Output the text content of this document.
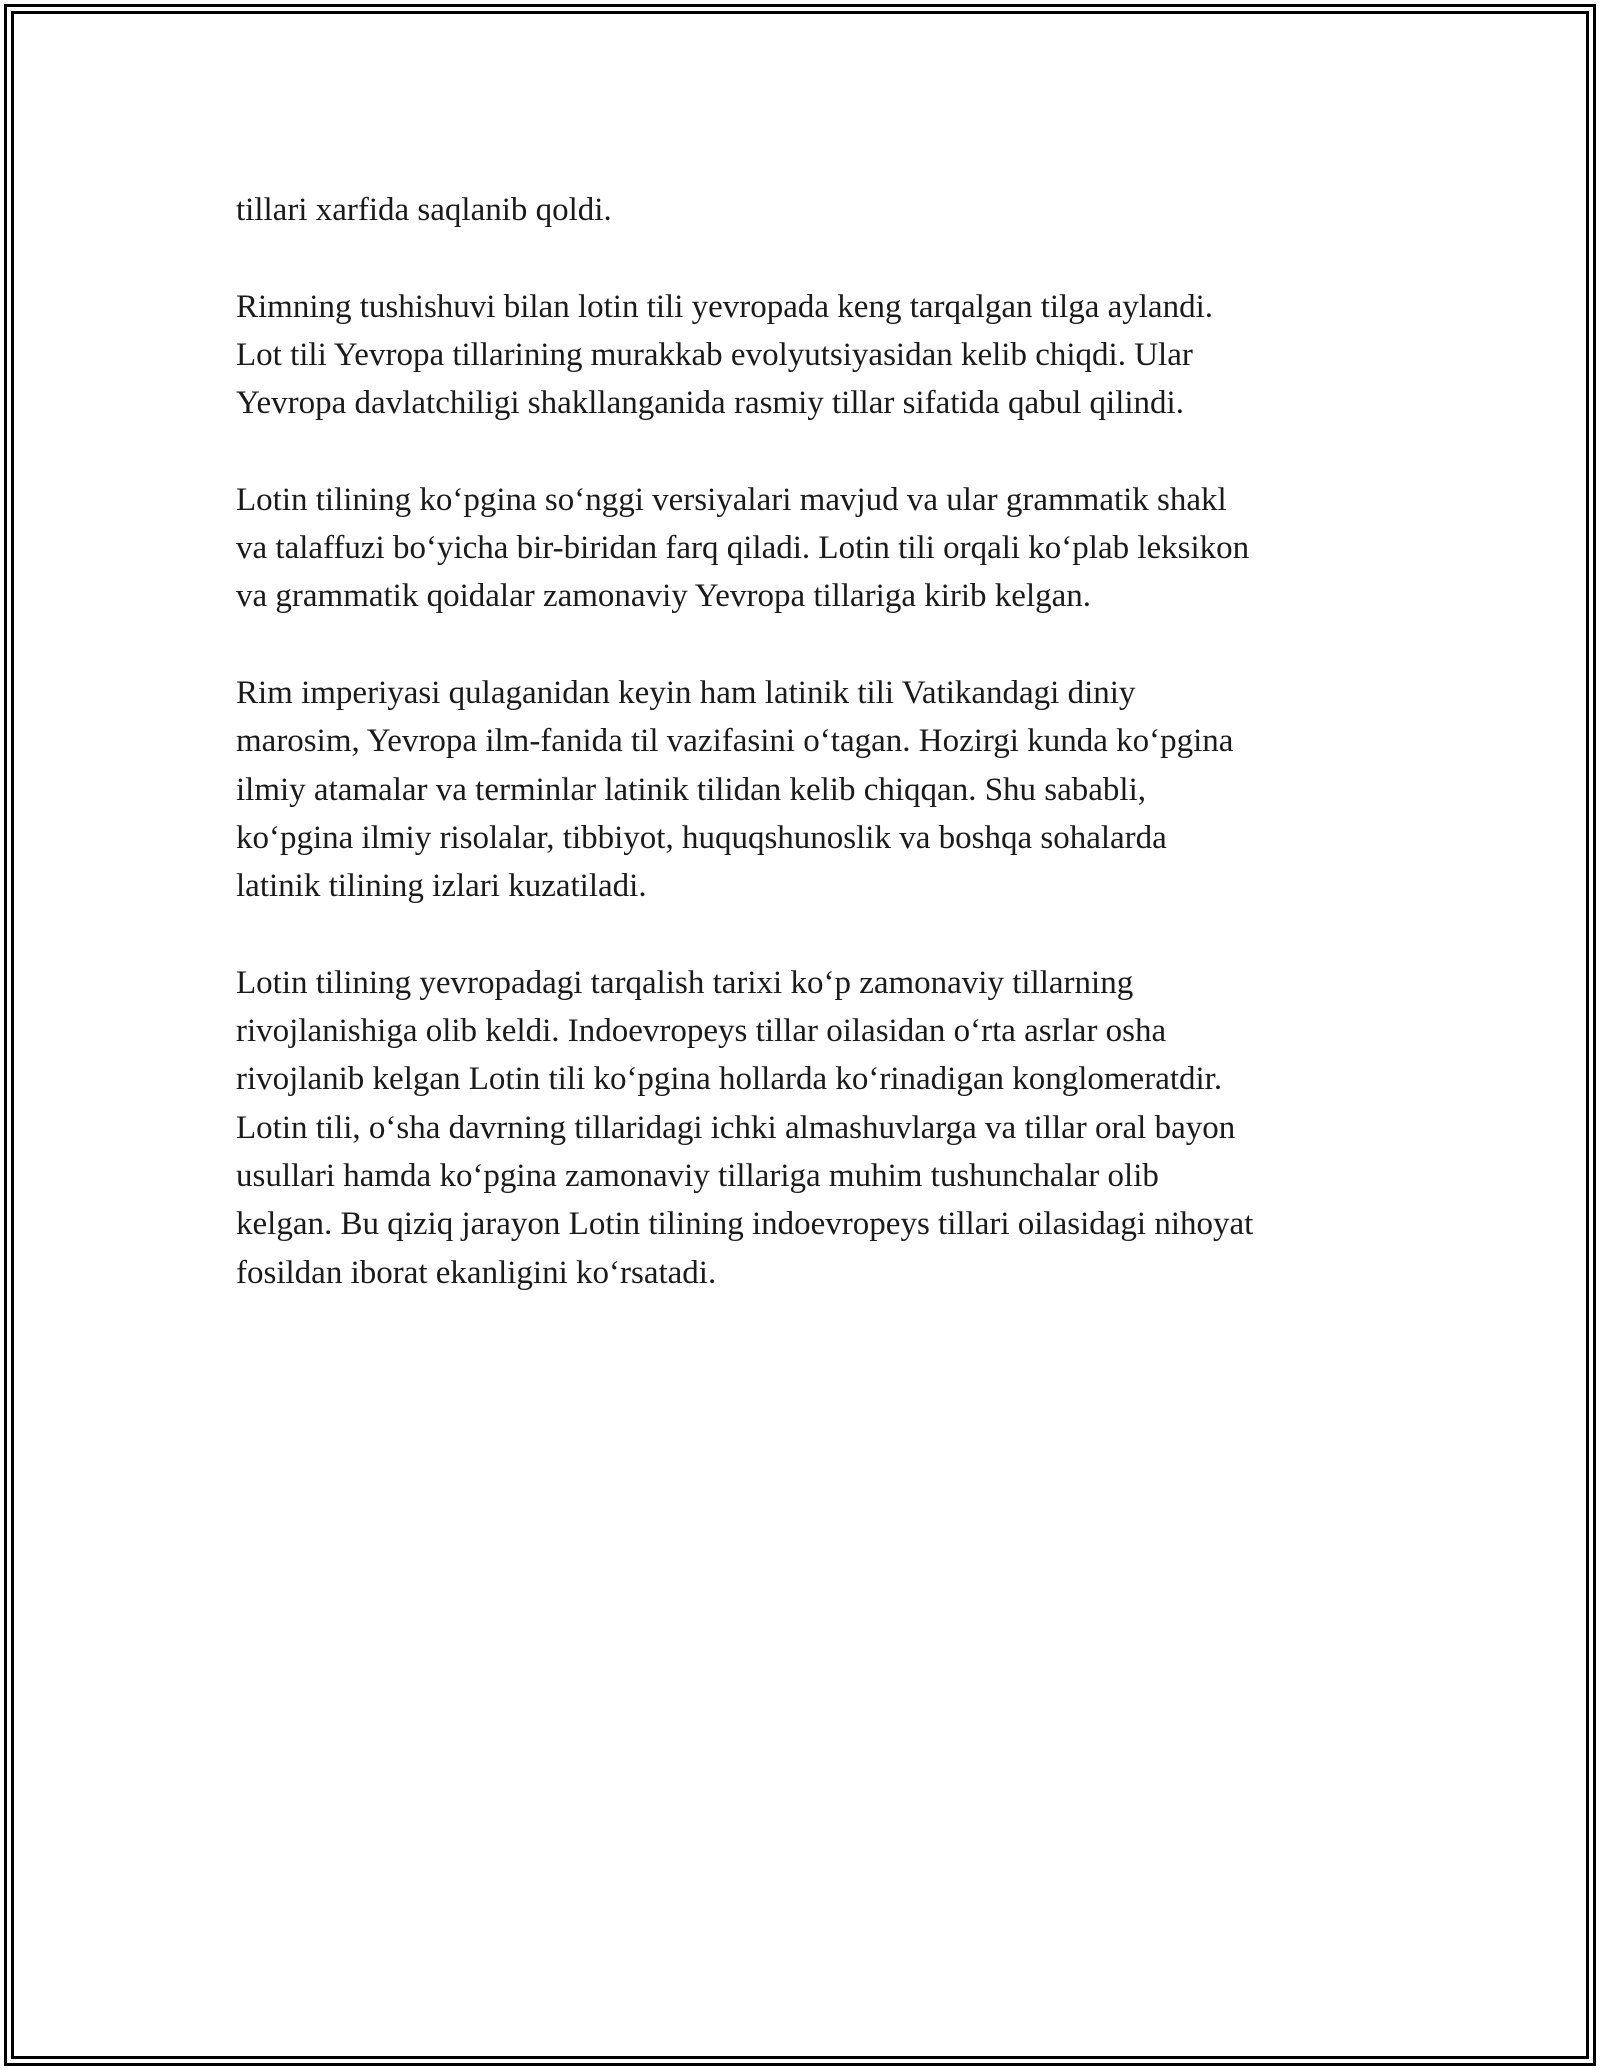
tillari xarfida saqlanib qoldi.

Rimning tushishuvi bilan lotin tili yevropada keng tarqalgan tilga aylandi.
Lot tili Yevropa tillarining murakkab evolyutsiyasidan kelib chiqdi. Ular
Yevropa davlatchiligi shakllanganida rasmiy tillar sifatida qabul qilindi.

Lotin tilining koʻpgina soʻnggi versiyalari mavjud va ular grammatik shakl
va talaffuzi boʻyicha bir-biridan farq qiladi. Lotin tili orqali koʻplab leksikon
va grammatik qoidalar zamonaviy Yevropa tillariga kirib kelgan.

Rim imperiyasi qulaganidan keyin ham latinik tili Vatikandagi diniy
marosim, Yevropa ilm-fanida til vazifasini oʻtagan. Hozirgi kunda koʻpgina
ilmiy atamalar va terminlar latinik tilidan kelib chiqqan. Shu sababli,
koʻpgina ilmiy risolalar, tibbiyot, huquqshunoslik va boshqa sohalarda
latinik tilining izlari kuzatiladi.

Lotin tilining yevropadagi tarqalish tarixi koʻp zamonaviy tillarning
rivojlanishiga olib keldi. Indoevropeys tillar oilasidan oʻrta asrlar osha
rivojlanib kelgan Lotin tili koʻpgina hollarda koʻrinadigan konglomeratdir.
Lotin tili, oʻsha davrning tillaridagi ichki almashuvlarga va tillar oral bayon
usullari hamda koʻpgina zamonaviy tillariga muhim tushunchalar olib
kelgan. Bu qiziq jarayon Lotin tilining indoevropeys tillari oilasidagi nihoyat
fosildan iborat ekanligini koʻrsatadi.
